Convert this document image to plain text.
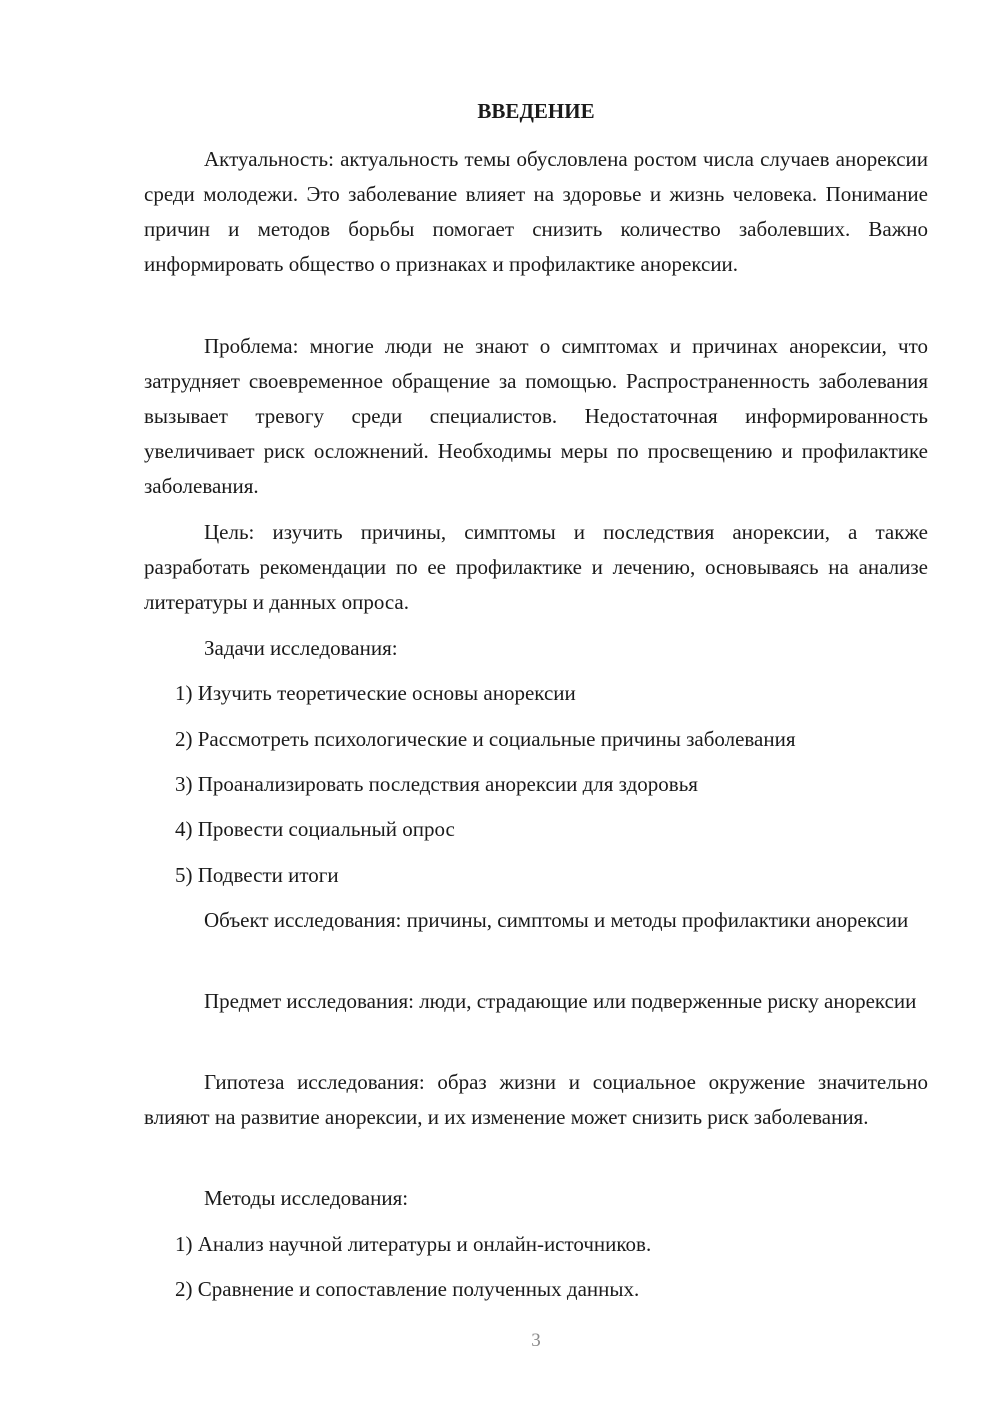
ВВЕДЕНИЕ
Актуальность: актуальность темы обусловлена ростом числа случаев анорексии среди молодежи. Это заболевание влияет на здоровье и жизнь человека. Понимание причин и методов борьбы помогает снизить количество заболевших. Важно информировать общество о признаках и профилактике анорексии.
Проблема: многие люди не знают о симптомах и причинах анорексии, что затрудняет своевременное обращение за помощью. Распространенность заболевания вызывает тревогу среди специалистов. Недостаточная информированность увеличивает риск осложнений. Необходимы меры по просвещению и профилактике заболевания.
Цель: изучить причины, симптомы и последствия анорексии, а также разработать рекомендации по ее профилактике и лечению, основываясь на анализе литературы и данных опроса.
Задачи исследования:
1) Изучить теоретические основы анорексии
2) Рассмотреть психологические и социальные причины заболевания
3) Проанализировать последствия анорексии для здоровья
4) Провести социальный опрос
5) Подвести итоги
Объект исследования: причины, симптомы и методы профилактики анорексии
Предмет исследования: люди, страдающие или подверженные риску анорексии
Гипотеза исследования: образ жизни и социальное окружение значительно влияют на развитие анорексии, и их изменение может снизить риск заболевания.
Методы исследования:
1) Анализ научной литературы и онлайн-источников.
2) Сравнение и сопоставление полученных данных.
3
